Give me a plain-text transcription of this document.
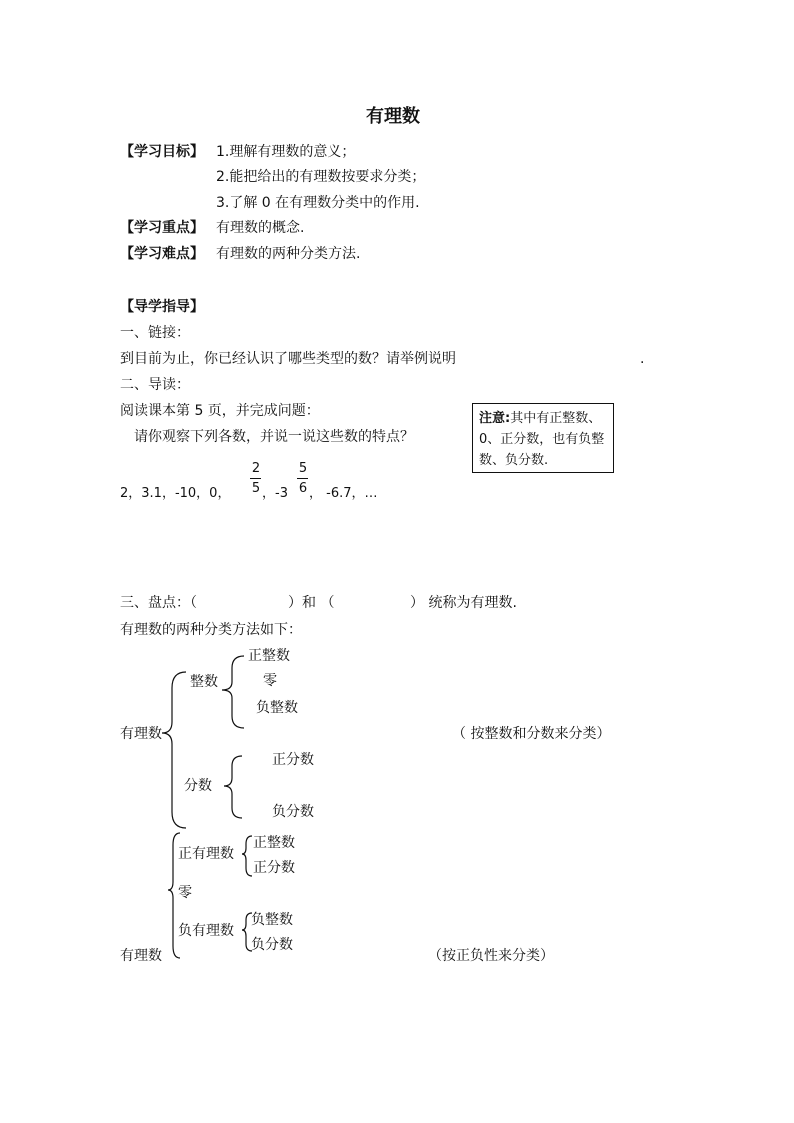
有理数
【学习目标】 1.理解有理数的意义；
2.能把给出的有理数按要求分类；
3.了解 0 在有理数分类中的作用.
【学习重点】 有理数的概念.
【学习难点】 有理数的两种分类方法.
【导学指导】
一、链接：
到目前为止，你已经认识了哪些类型的数？请举例说明	.
二、导读：
阅读课本第 5 页，并完成问题：
请你观察下列各数，并说一说这些数的特点？
2，3.1，-10，0，
2
5 ，-3
5
6 ， -6.7，…
注意:其中有正整数、0、正分数，也有负整数、负分数.
三、盘点：（	）和 （	） 统称为有理数.
有理数的两种分类方法如下：
有理数
整数
正整数
零
负整数
分数
正分数
负分数
（ 按整数和分数来分类）
正有理数
正整数
正分数
零
负有理数
负整数
负分数
有理数	（按正负性来分类）
